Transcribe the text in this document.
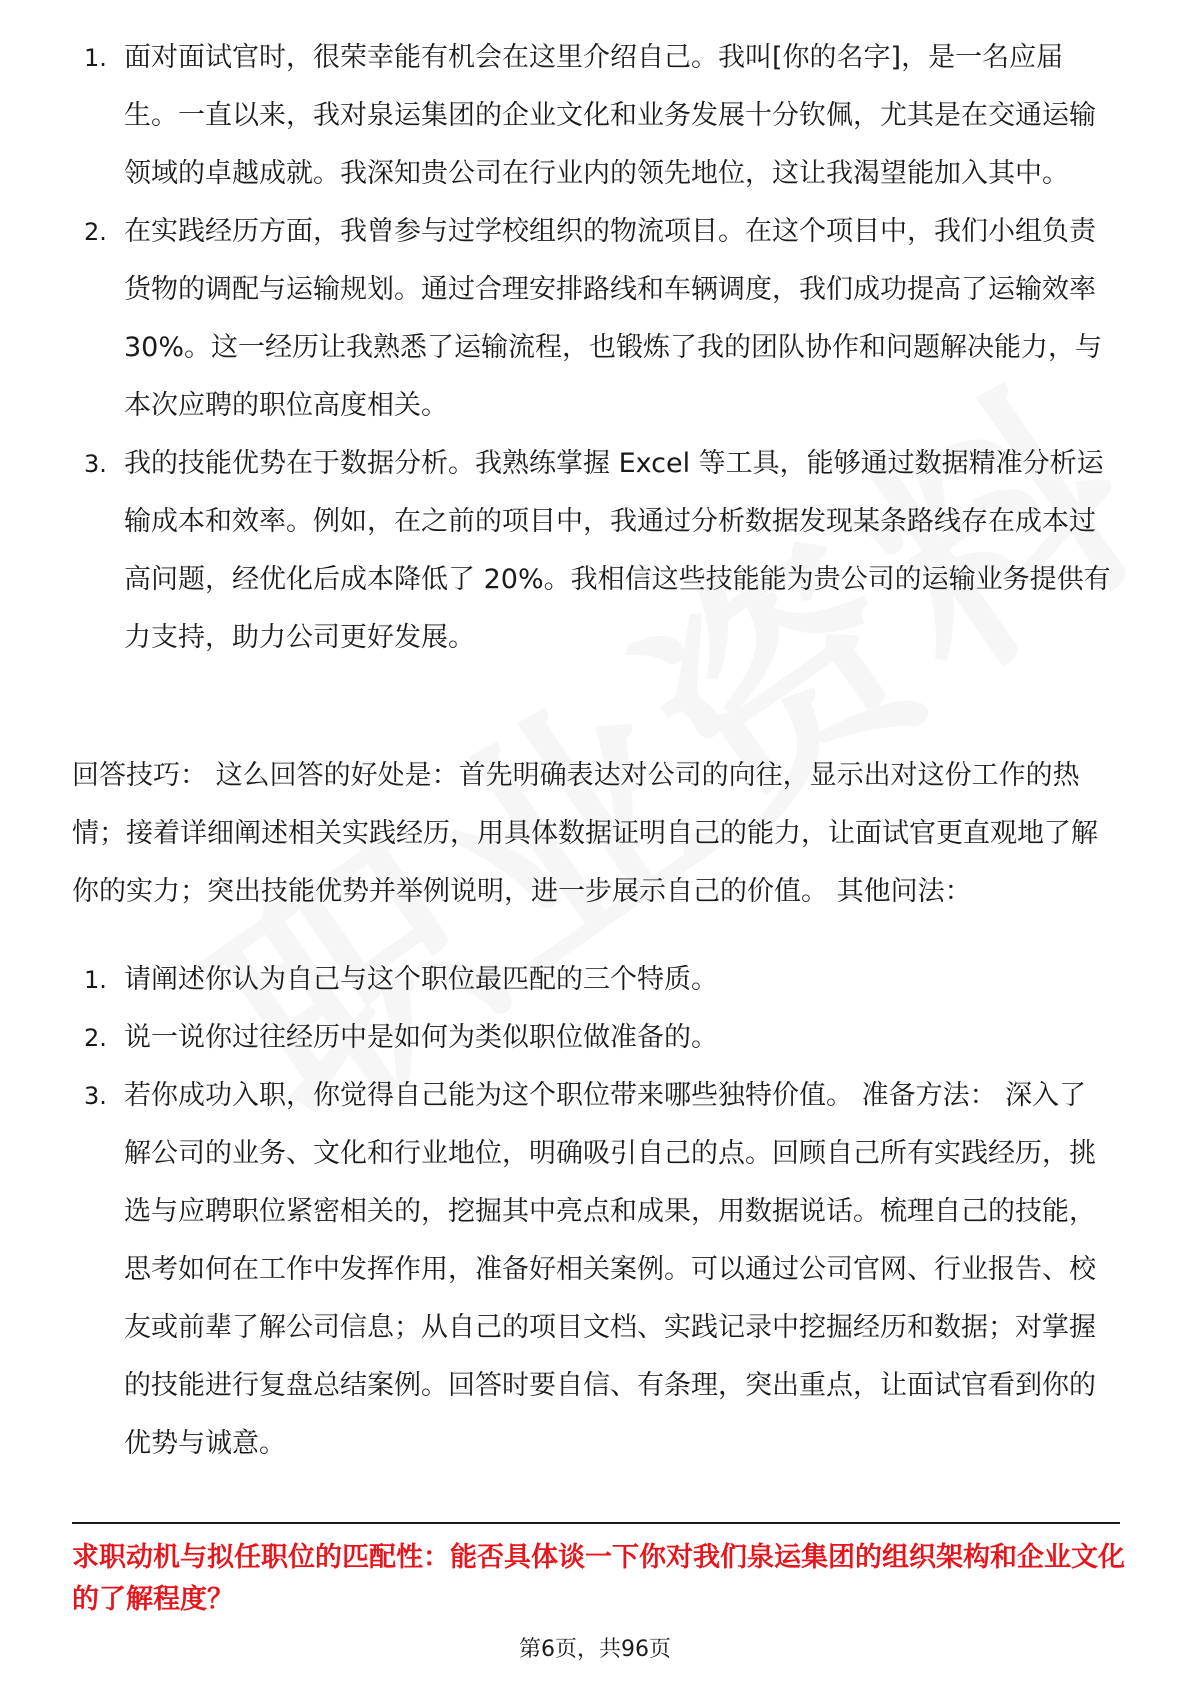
1. 面对面试官时，很荣幸能有机会在这里介绍自己。我叫[你的名字]，是一名应届生。一直以来，我对泉运集团的企业文化和业务发展十分钦佩，尤其是在交通运输领域的卓越成就。我深知贵公司在行业内的领先地位，这让我渴望能加入其中。
2. 在实践经历方面，我曾参与过学校组织的物流项目。在这个项目中，我们小组负责货物的调配与运输规划。通过合理安排路线和车辆调度，我们成功提高了运输效率 30%。这一经历让我熟悉了运输流程，也锻炼了我的团队协作和问题解决能力，与本次应聘的职位高度相关。
3. 我的技能优势在于数据分析。我熟练掌握 Excel 等工具，能够通过数据精准分析运输成本和效率。例如，在之前的项目中，我通过分析数据发现某条路线存在成本过高问题，经优化后成本降低了 20%。我相信这些技能能为贵公司的运输业务提供有力支持，助力公司更好发展。

回答技巧： 这么回答的好处是：首先明确表达对公司的向往，显示出对这份工作的热情；接着详细阐述相关实践经历，用具体数据证明自己的能力，让面试官更直观地了解你的实力；突出技能优势并举例说明，进一步展示自己的价值。 其他问法：

1. 请阐述你认为自己与这个职位最匹配的三个特质。
2. 说一说你过往经历中是如何为类似职位做准备的。
3. 若你成功入职，你觉得自己能为这个职位带来哪些独特价值。 准备方法： 深入了解公司的业务、文化和行业地位，明确吸引自己的点。回顾自己所有实践经历，挑选与应聘职位紧密相关的，挖掘其中亮点和成果，用数据说话。梳理自己的技能，思考如何在工作中发挥作用，准备好相关案例。可以通过公司官网、行业报告、校友或前辈了解公司信息；从自己的项目文档、实践记录中挖掘经历和数据；对掌握的技能进行复盘总结案例。回答时要自信、有条理，突出重点，让面试官看到你的优势与诚意。

求职动机与拟任职位的匹配性：能否具体谈一下你对我们泉运集团的组织架构和企业文化的了解程度？

第6页，共96页
